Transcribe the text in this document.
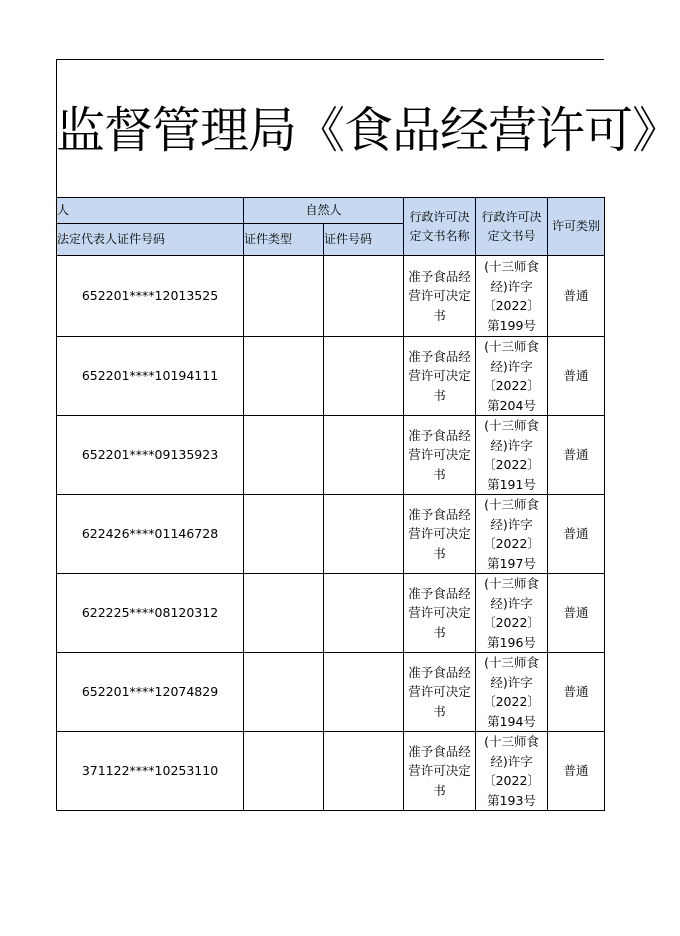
监督管理局《食品经营许可》
人	自然人		行政许可决定文书名称	行政许可决定文书号	许可类别
法定代表人证件号码	证件类型	证件号码			

652201****12013525			准予食品经营许可决定书	(十三师食经)许字〔2022〕第199号	普通

652201****10194111			准予食品经营许可决定书	(十三师食经)许字〔2022〕第204号	普通

652201****09135923			准予食品经营许可决定书	(十三师食经)许字〔2022〕第191号	普通

622426****01146728			准予食品经营许可决定书	(十三师食经)许字〔2022〕第197号	普通

622225****08120312			准予食品经营许可决定书	(十三师食经)许字〔2022〕第196号	普通

652201****12074829			准予食品经营许可决定书	(十三师食经)许字〔2022〕第194号	普通

371122****10253110			准予食品经营许可决定书	(十三师食经)许字〔2022〕第193号	普通
